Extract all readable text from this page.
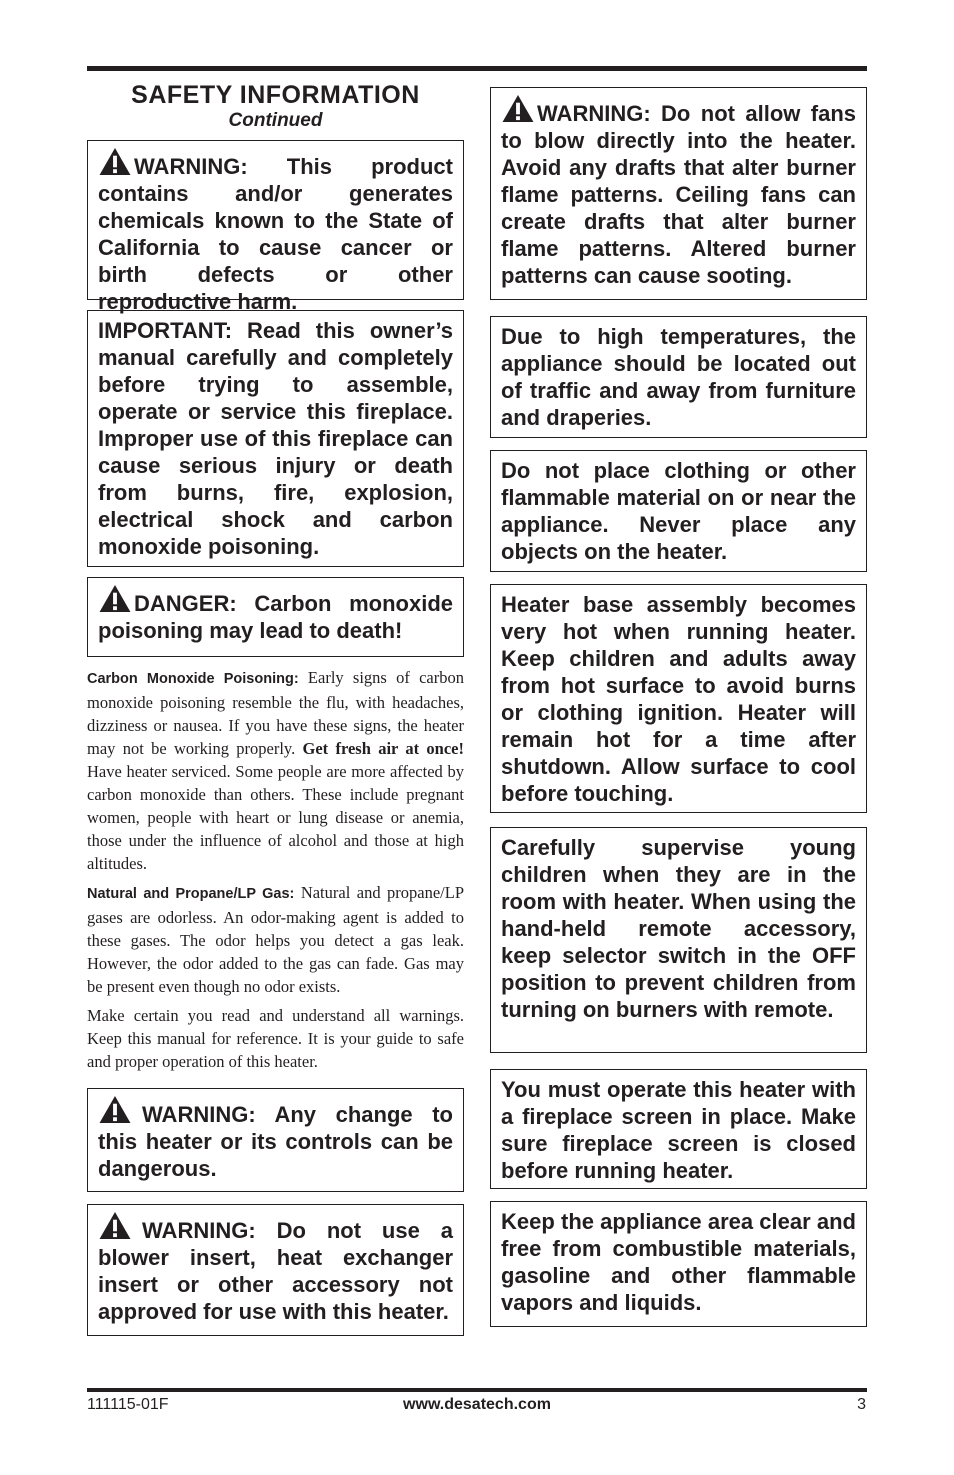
SAFETY INFORMATION

Continued

WARNING: This product contains and/or generates chemicals known to the State of California to cause cancer or birth defects or other reproductive harm.
IMPORTANT: Read this owner’s manual carefully and completely before trying to assemble, operate or service this fireplace. Improper use of this fireplace can cause serious injury or death from burns, fire, explosion, electrical shock and carbon monoxide poisoning.
DANGER: Carbon monoxide poisoning may lead to death!

Carbon Monoxide Poisoning: Early signs of carbon monoxide poisoning resemble the flu, with headaches, dizziness or nausea. If you have these signs, the heater may not be working properly. Get fresh air at once! Have heater serviced. Some people are more affected by carbon monoxide than others. These include pregnant women, people with heart or lung disease or anemia, those under the influence of alcohol and those at high altitudes.

Natural and Propane/LP Gas: Natural and propane/LP gases are odorless. An odor-making agent is added to these gases. The odor helps you detect a gas leak. However, the odor added to the gas can fade. Gas may be present even though no odor exists.

Make certain you read and understand all warnings. Keep this manual for reference. It is your guide to safe and proper operation of this heater.

WARNING: Any change to this heater or its controls can be dangerous.
WARNING: Do not use a blower insert, heat exchanger insert or other accessory not approved for use with this heater.
WARNING: Do not allow fans to blow directly into the heater. Avoid any drafts that alter burner flame patterns. Ceiling fans can create drafts that alter burner flame patterns. Altered burner patterns can cause sooting.
Due to high temperatures, the appliance should be located out of traffic and away from furniture and draperies.
Do not place clothing or other flammable material on or near the appliance. Never place any objects on the heater.
Heater base assembly becomes very hot when running heater. Keep children and adults away from hot surface to avoid burns or clothing ignition. Heater will remain hot for a time after shutdown. Allow surface to cool before touching.
Carefully supervise young children when they are in the room with heater. When using the hand-held remote accessory, keep selector switch in the OFF position to prevent children from turning on burners with remote.
You must operate this heater with a fireplace screen in place. Make sure fireplace screen is closed before running heater.
Keep the appliance area clear and free from combustible materials, gasoline and other flammable vapors and liquids.
111115-01F	www.desatech.com	3
